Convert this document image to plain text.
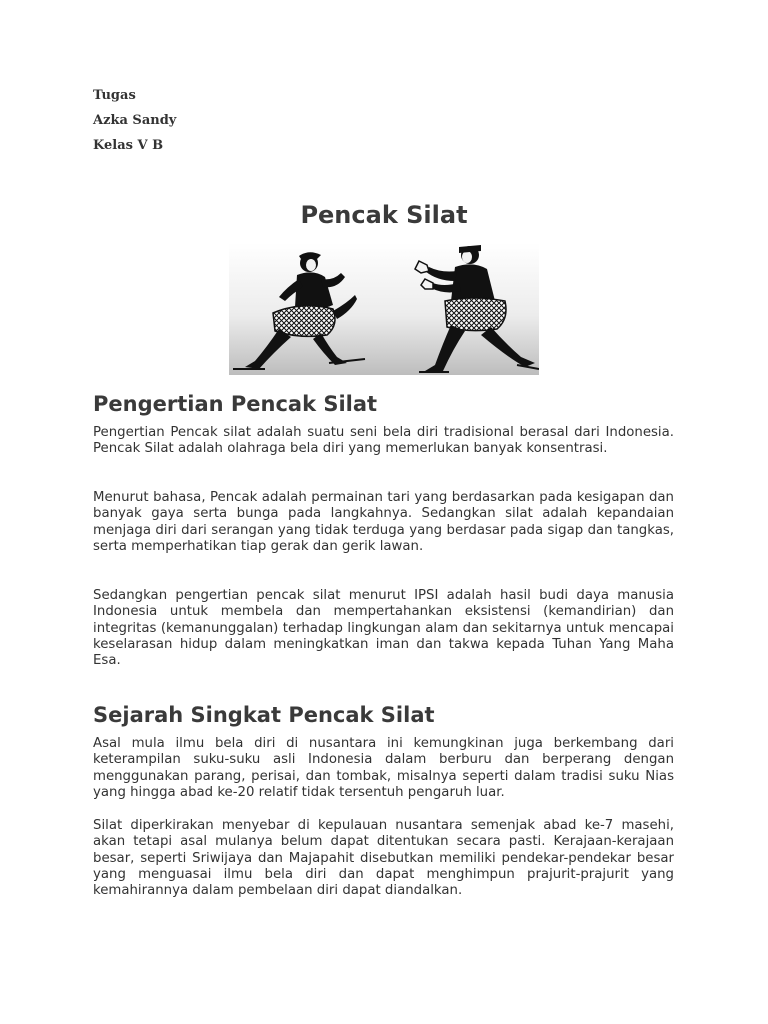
Tugas

Azka Sandy

Kelas V B

Pencak Silat
Pengertian Pencak Silat

Pengertian Pencak silat adalah suatu seni bela diri tradisional berasal dari Indonesia. Pencak Silat adalah olahraga bela diri yang memerlukan banyak konsentrasi.

Menurut bahasa, Pencak adalah permainan tari yang berdasarkan pada kesigapan dan banyak gaya serta bunga pada langkahnya. Sedangkan silat adalah kepandaian menjaga diri dari serangan yang tidak terduga yang berdasar pada sigap dan tangkas, serta memperhatikan tiap gerak dan gerik lawan.

Sedangkan pengertian pencak silat menurut IPSI adalah hasil budi daya manusia Indonesia untuk membela dan mempertahankan eksistensi (kemandirian) dan integritas (kemanunggalan) terhadap lingkungan alam dan sekitarnya untuk mencapai keselarasan hidup dalam meningkatkan iman dan takwa kepada Tuhan Yang Maha Esa.

Sejarah Singkat Pencak Silat

Asal mula ilmu bela diri di nusantara ini kemungkinan juga berkembang dari keterampilan suku-suku asli Indonesia dalam berburu dan berperang dengan menggunakan parang, perisai, dan tombak, misalnya seperti dalam tradisi suku Nias yang hingga abad ke-20 relatif tidak tersentuh pengaruh luar.

Silat diperkirakan menyebar di kepulauan nusantara semenjak abad ke-7 masehi, akan tetapi asal mulanya belum dapat ditentukan secara pasti. Kerajaan-kerajaan besar, seperti Sriwijaya dan Majapahit disebutkan memiliki pendekar-pendekar besar yang menguasai ilmu bela diri dan dapat menghimpun prajurit-prajurit yang kemahirannya dalam pembelaan diri dapat diandalkan.
